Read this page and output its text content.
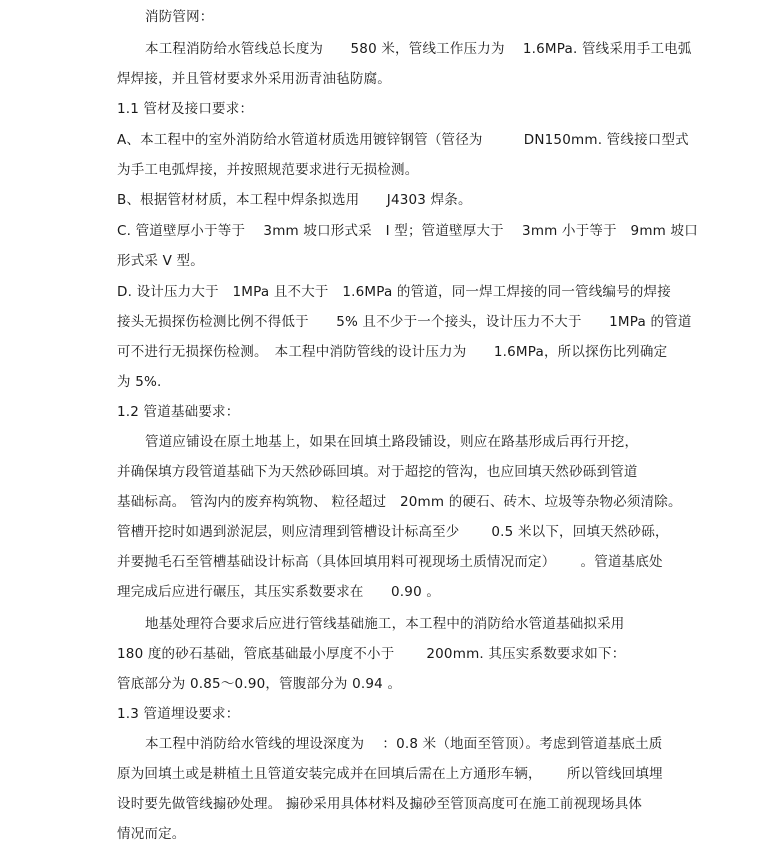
消防管网：
本工程消防给水管线总长度为　　580 米，管线工作压力为　 1.6MPa. 管线采用手工电弧
焊焊接，并且管材要求外采用沥青油毡防腐。
1.1 管材及接口要求：
A、本工程中的室外消防给水管道材质选用镀锌钢管（管径为　　　DN150mm. 管线接口型式
为手工电弧焊接，并按照规范要求进行无损检测。
B、根据管材材质，本工程中焊条拟选用　　J4303 焊条。
C. 管道壁厚小于等于　 3mm 坡口形式采　I 型；管道壁厚大于　 3mm 小于等于　9mm 坡口
形式采 V 型。
D. 设计压力大于　1MPa 且不大于　1.6MPa 的管道，同一焊工焊接的同一管线编号的焊接
接头无损探伤检测比例不得低于　　5% 且不少于一个接头，设计压力不大于　　1MPa 的管道
可不进行无损探伤检测。　本工程中消防管线的设计压力为　　1.6MPa，所以探伤比列确定
为 5%.
1.2 管道基础要求：
管道应铺设在原土地基上，如果在回填土路段铺设，则应在路基形成后再行开挖，
并确保填方段管道基础下为天然砂砾回填。对于超挖的管沟，也应回填天然砂砾到管道
基础标高。 管沟内的废弃构筑物、 粒径超过　20mm 的硬石、砖木、垃圾等杂物必须清除。
管槽开挖时如遇到淤泥层，则应清理到管槽设计标高至少　　 0.5 米以下，回填天然砂砾，
并要抛毛石至管槽基础设计标高（具体回填用料可视现场土质情况而定）　　 。管道基底处
理完成后应进行碾压，其压实系数要求在　　0.90 。
地基处理符合要求后应进行管线基础施工，本工程中的消防给水管道基础拟采用
180 度的砂石基础，管底基础最小厚度不小于　　 200mm. 其压实系数要求如下：
管底部分为 0.85～0.90，管腹部分为 0.94 。
1.3 管道埋设要求：
本工程中消防给水管线的埋设深度为　 ：0.8 米（地面至管顶）。考虑到管道基底土质
原为回填土或是耕植土且管道安装完成并在回填后需在上方通形车辆，　　 所以管线回填埋
设时要先做管线搧砂处理。 搧砂采用具体材料及搧砂至管顶高度可在施工前视现场具体
情况而定。
